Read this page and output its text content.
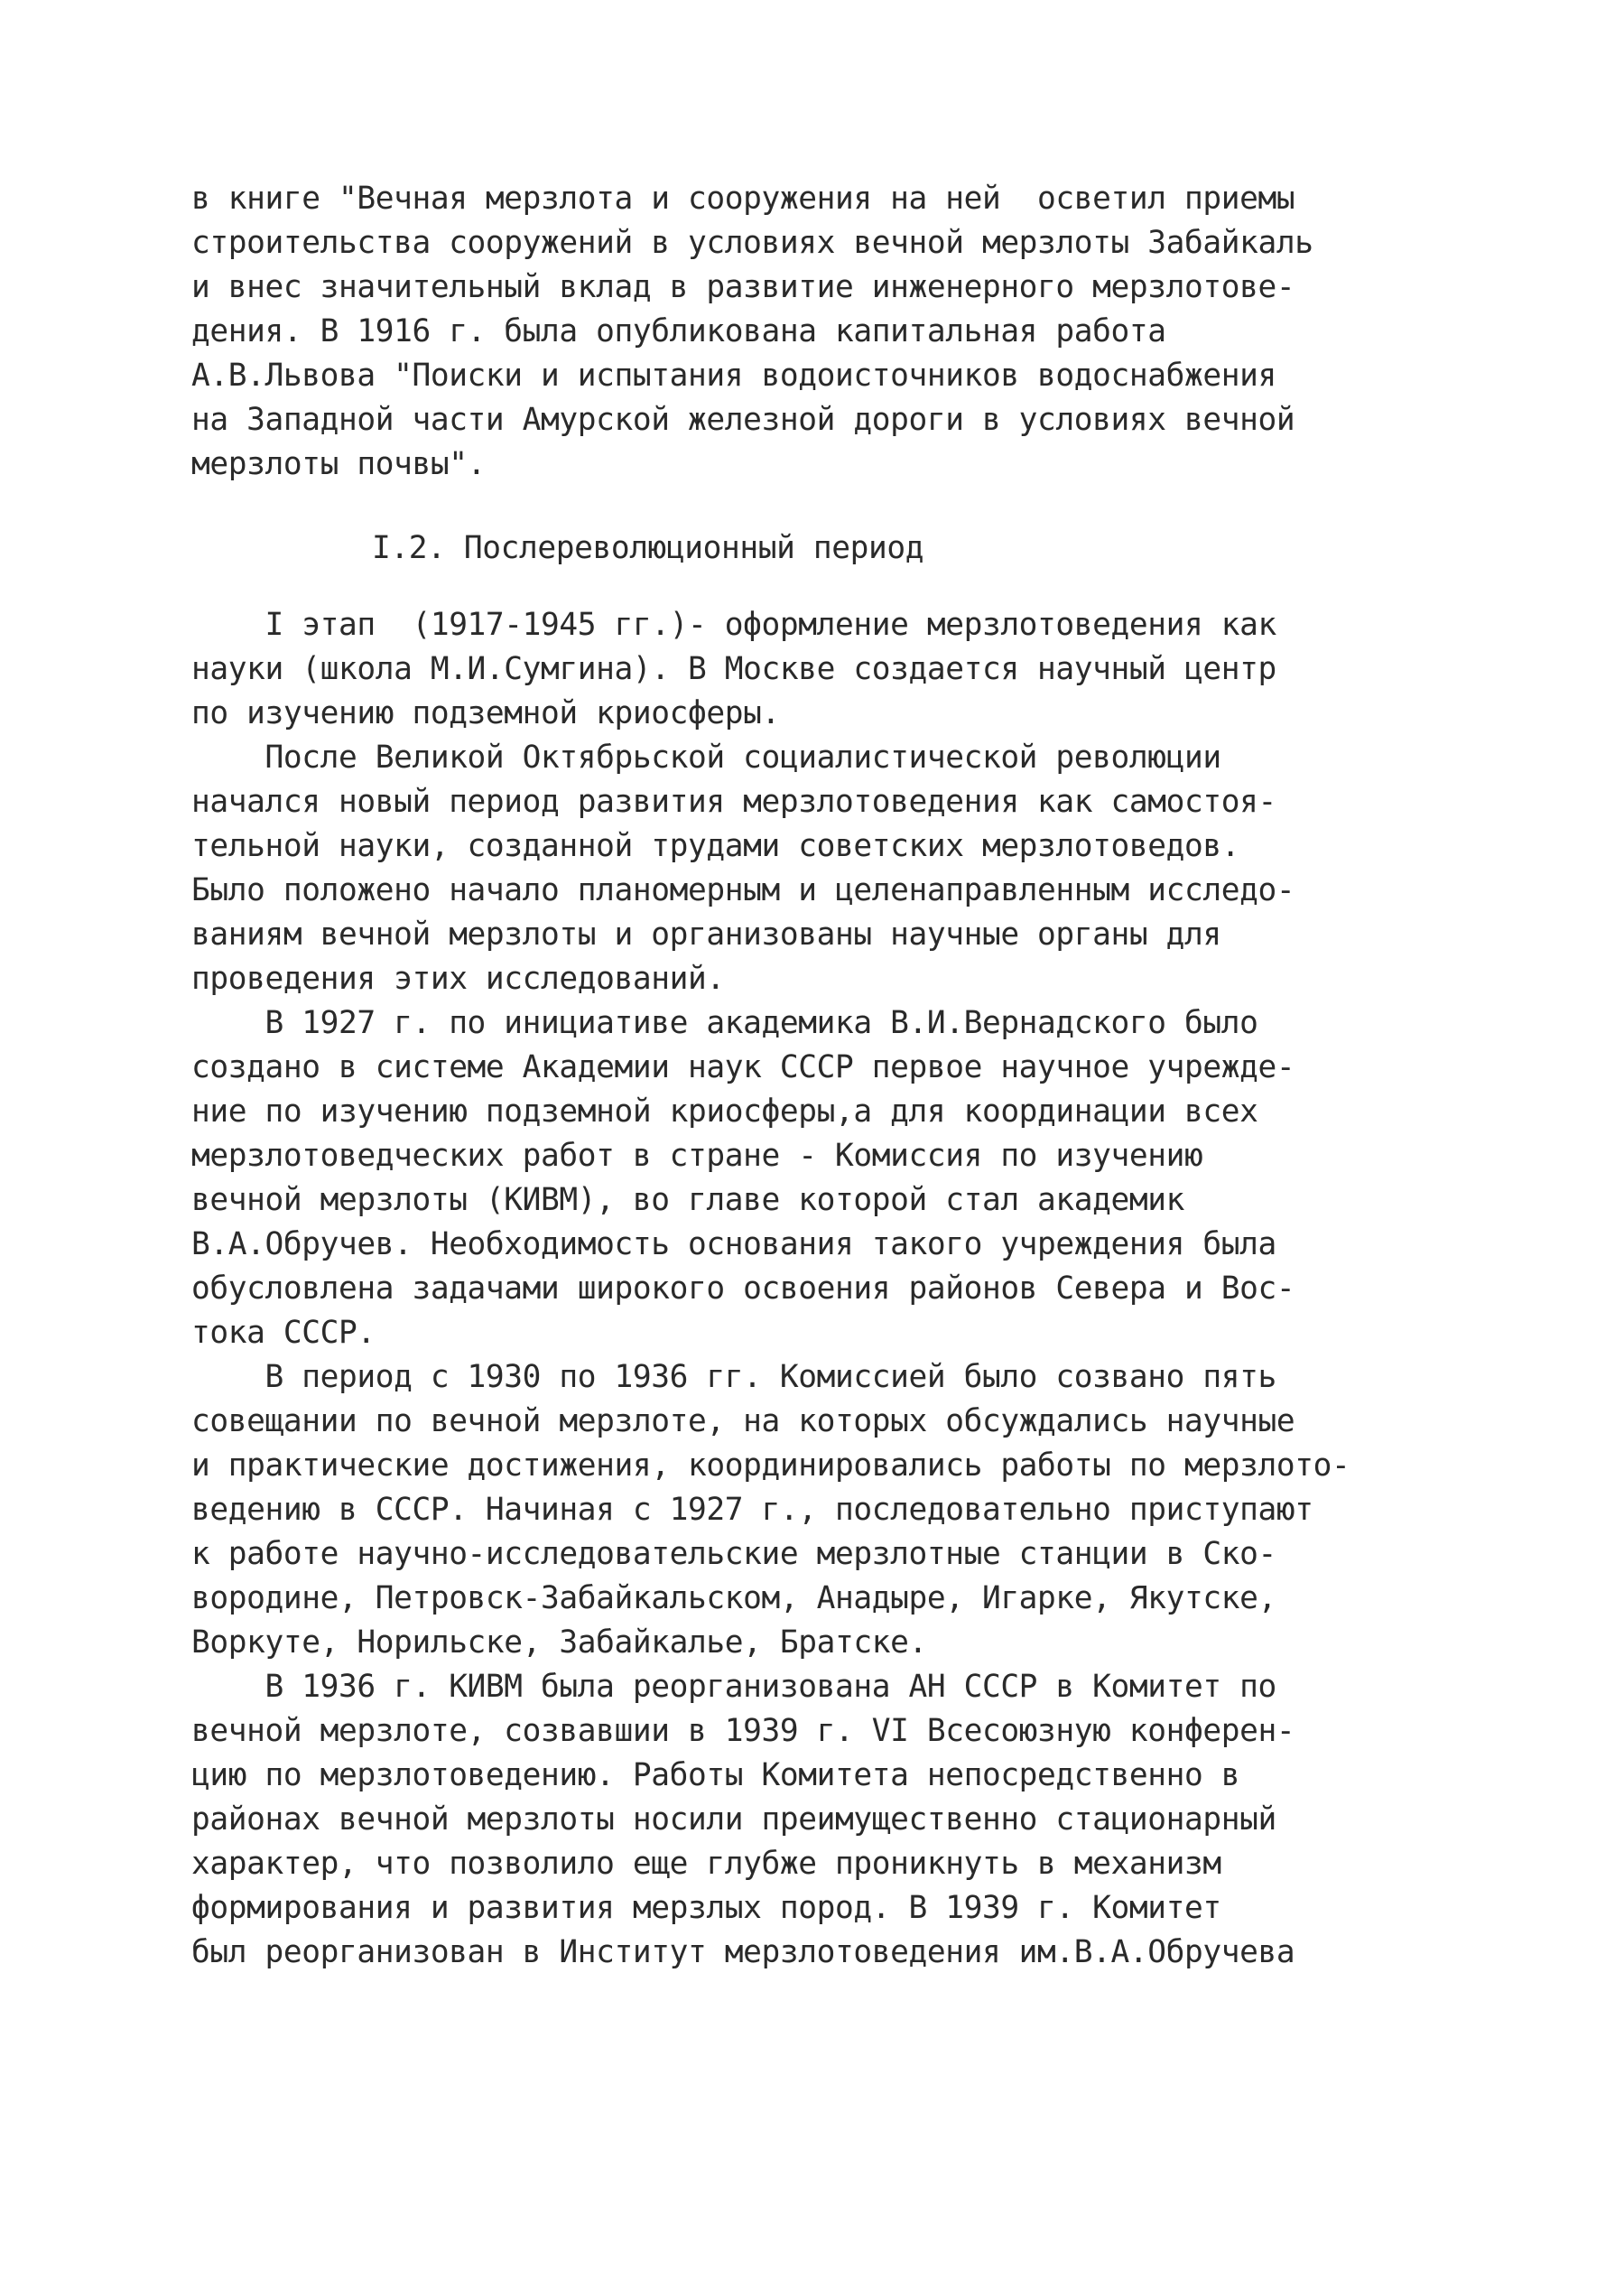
в книге "Вечная мерзлота и сооружения на ней  осветил приемы
строительства сооружений в условиях вечной мерзлоты Забайкаль
и внес значительный вклад в развитие инженерного мерзлотове-
дения. В 1916 г. была опубликована капитальная работа
А.В.Львова "Поиски и испытания водоисточников водоснабжения
на Западной части Амурской железной дороги в условиях вечной
мерзлоты почвы".
I.2. Послереволюционный период
I этап  (1917-1945 гг.)- оформление мерзлотоведения как
науки (школа М.И.Сумгина). В Москве создается научный центр
по изучению подземной криосферы.
После Великой Октябрьской социалистической революции
начался новый период развития мерзлотоведения как самостоя-
тельной науки, созданной трудами советских мерзлотоведов.
Было положено начало планомерным и целенаправленным исследо-
ваниям вечной мерзлоты и организованы научные органы для
проведения этих исследований.
В 1927 г. по инициативе академика В.И.Вернадского было
создано в системе Академии наук СССР первое научное учрежде-
ние по изучению подземной криосферы,а для координации всех
мерзлотоведческих работ в стране - Комиссия по изучению
вечной мерзлоты (КИВМ), во главе которой стал академик
В.А.Обручев. Необходимость основания такого учреждения была
обусловлена задачами широкого освоения районов Севера и Вос-
тока СССР.
В период с 1930 по 1936 гг. Комиссией было созвано пять
совещании по вечной мерзлоте, на которых обсуждались научные
и практические достижения, координировались работы по мерзлото-
ведению в СССР. Начиная с 1927 г., последовательно приступают
к работе научно-исследовательские мерзлотные станции в Ско-
вородине, Петровск-Забайкальском, Анадыре, Игарке, Якутске,
Воркуте, Норильске, Забайкалье, Братске.
В 1936 г. КИВМ была реорганизована АН СССР в Комитет по
вечной мерзлоте, созвавшии в 1939 г. VI Всесоюзную конферен-
цию по мерзлотоведению. Работы Комитета непосредственно в
районах вечной мерзлоты носили преимущественно стационарный
характер, что позволило еще глубже проникнуть в механизм
формирования и развития мерзлых пород. В 1939 г. Комитет
был реорганизован в Институт мерзлотоведения им.В.А.Обручева
